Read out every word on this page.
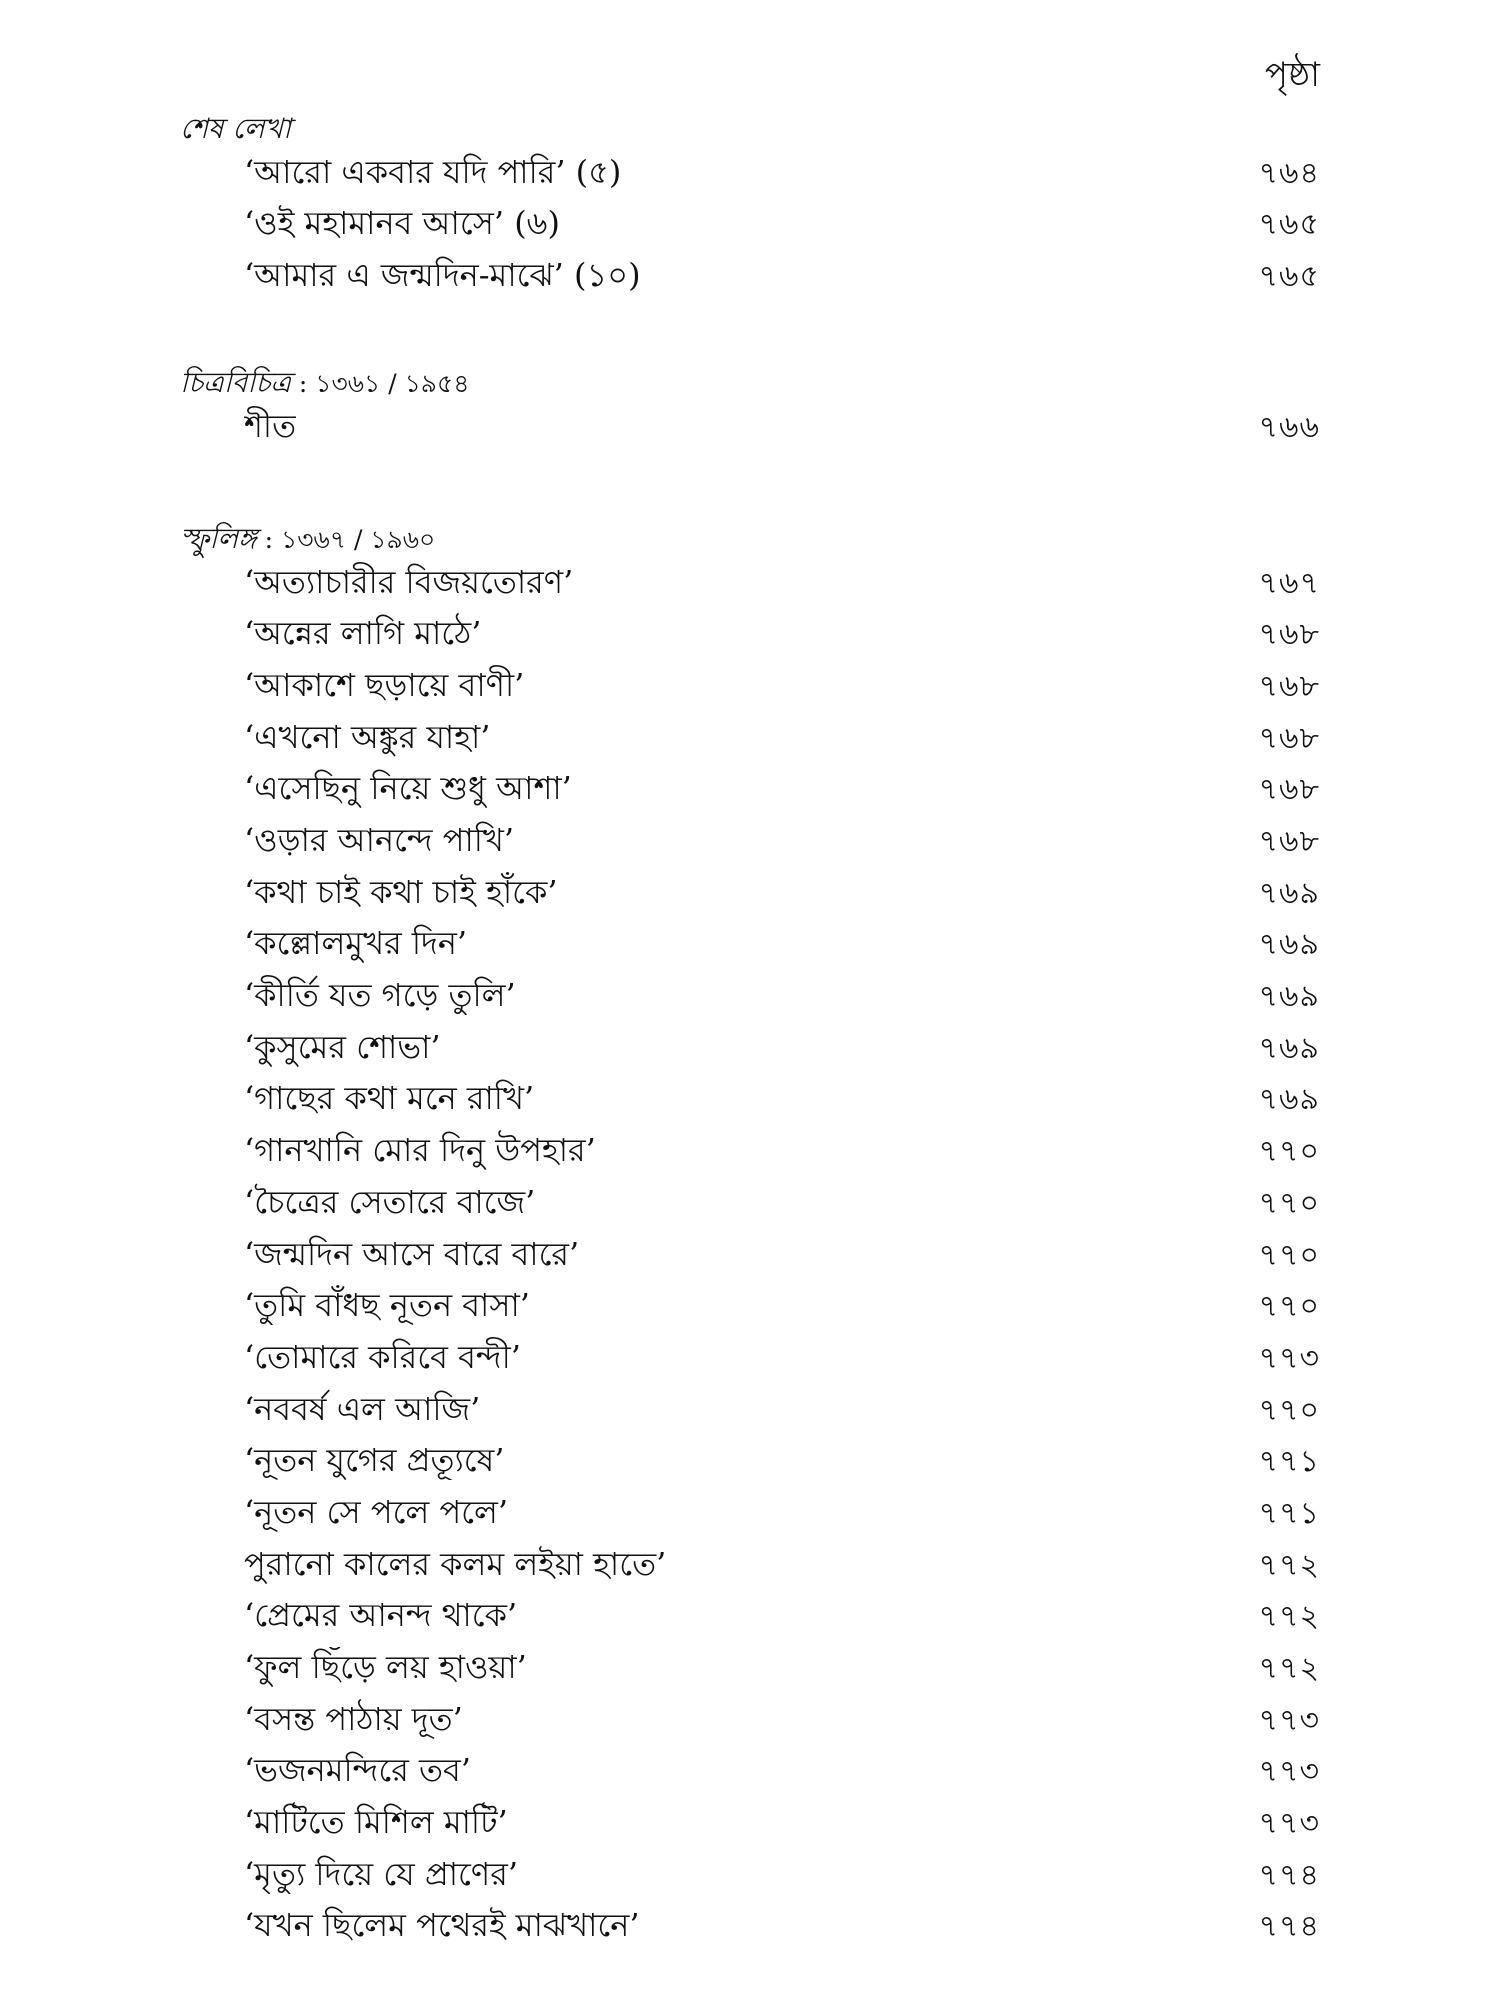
পৃষ্ঠা
শেষ লেখা
‘আরো একবার যদি পারি’ (৫)	৭৬৪
‘ওই মহামানব আসে’ (৬)	৭৬৫
‘আমার এ জন্মদিন-মাঝে’ (১০)	৭৬৫
চিত্রবিচিত্র : ১৩৬১ / ১৯৫৪
শীত	৭৬৬
স্ফুলিঙ্গ : ১৩৬৭ / ১৯৬০
‘অত্যাচারীর বিজয়তোরণ’	৭৬৭
‘অন্নের লাগি মাঠে’	৭৬৮
‘আকাশে ছড়ায়ে বাণী’	৭৬৮
‘এখনো অঙ্কুর যাহা’	৭৬৮
‘এসেছিনু নিয়ে শুধু আশা’	৭৬৮
‘ওড়ার আনন্দে পাখি’	৭৬৮
‘কথা চাই কথা চাই হাঁকে’	৭৬৯
‘কল্লোলমুখর দিন’	৭৬৯
‘কীর্তি যত গড়ে তুলি’	৭৬৯
‘কুসুমের শোভা’	৭৬৯
‘গাছের কথা মনে রাখি’	৭৬৯
‘গানখানি মোর দিনু উপহার’	৭৭০
‘চৈত্রের সেতারে বাজে’	৭৭০
‘জন্মদিন আসে বারে বারে’	৭৭০
‘তুমি বাঁধছ নূতন বাসা’	৭৭০
‘তোমারে করিবে বন্দী’	৭৭৩
‘নববর্ষ এল আজি’	৭৭০
‘নূতন যুগের প্রত্যূষে’	৭৭১
‘নূতন সে পলে পলে’	৭৭১
পুরানো কালের কলম লইয়া হাতে’	৭৭২
‘প্রেমের আনন্দ থাকে’	৭৭২
‘ফুল ছিঁড়ে লয় হাওয়া’	৭৭২
‘বসন্ত পাঠায় দূত’	৭৭৩
‘ভজনমন্দিরে তব’	৭৭৩
‘মাটিতে মিশিল মাটি’	৭৭৩
‘মৃত্যু দিয়ে যে প্রাণের’	৭৭৪
‘যখন ছিলেম পথেরই মাঝখানে’	৭৭৪
